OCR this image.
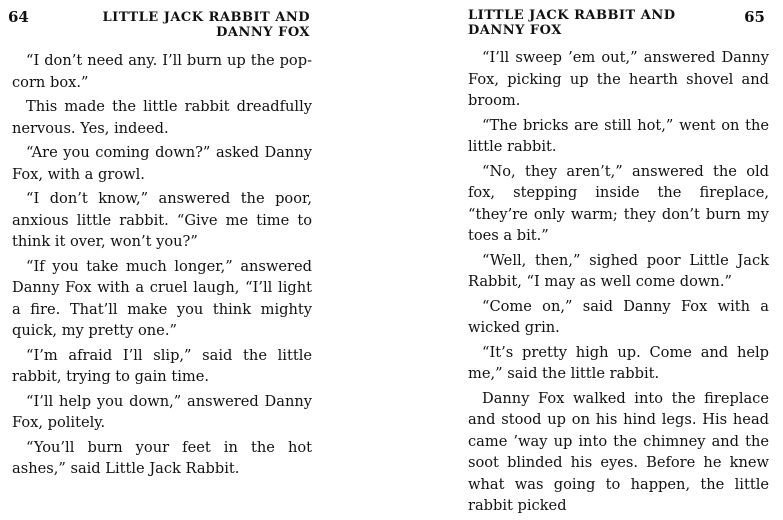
64	LITTLE JACK RABBIT AND
DANNY FOX

“I don’t need any. I’ll burn up the pop-corn box.”

This made the little rabbit dreadfully nervous. Yes, indeed.

“Are you coming down?” asked Danny Fox, with a growl.

“I don’t know,” answered the poor, anxious little rabbit. “Give me time to think it over, won’t you?”

“If you take much longer,” answered Danny Fox with a cruel laugh, “I’ll light a fire. That’ll make you think mighty quick, my pretty one.”

“I’m afraid I’ll slip,” said the little rabbit, trying to gain time.

“I’ll help you down,” answered Danny Fox, politely.

“You’ll burn your feet in the hot ashes,” said Little Jack Rabbit.

LITTLE JACK RABBIT AND
DANNY FOX
65

“I’ll sweep ’em out,” answered Danny Fox, picking up the hearth shovel and broom.

“The bricks are still hot,” went on the little rabbit.

“No, they aren’t,” answered the old fox, stepping inside the fireplace, “they’re only warm; they don’t burn my toes a bit.”

“Well, then,” sighed poor Little Jack Rabbit, “I may as well come down.”

“Come on,” said Danny Fox with a wicked grin.

“It’s pretty high up. Come and help me,” said the little rabbit.

Danny Fox walked into the fireplace and stood up on his hind legs. His head came ’way up into the chimney and the soot blinded his eyes. Before he knew what was going to happen, the little rabbit picked
